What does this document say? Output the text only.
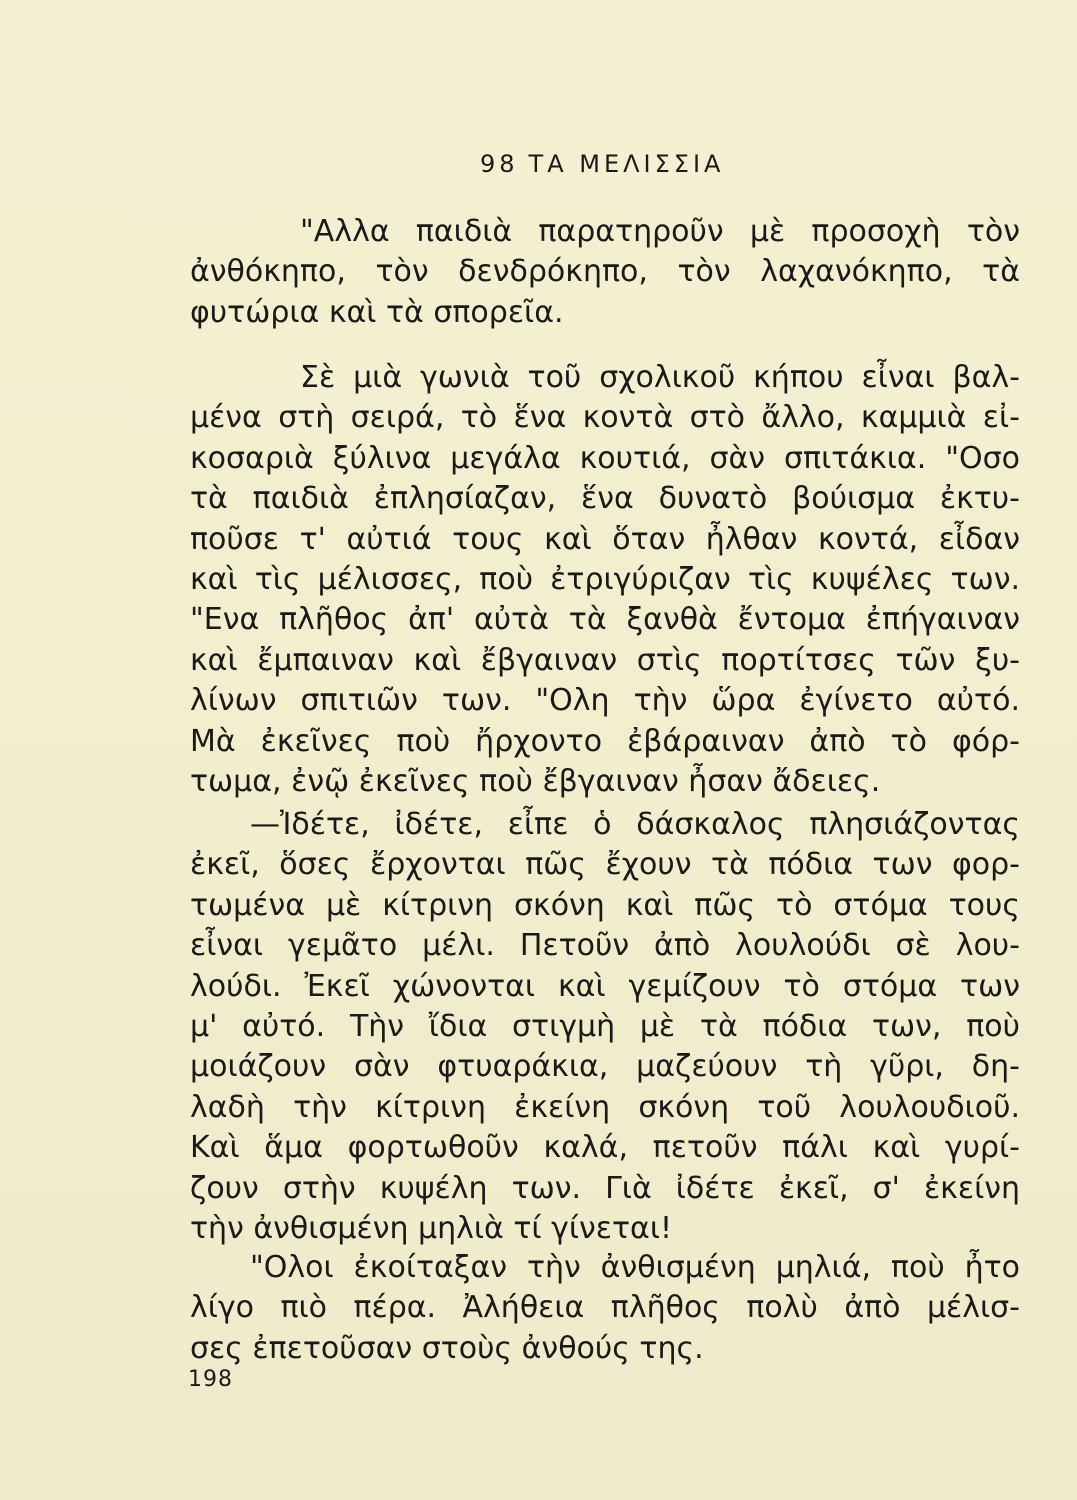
98 ΤΑ ΜΕΛΙΣΣΙΑ

"Αλλα παιδιὰ παρατηροῦν μὲ προσοχὴ τὸν
ἀνθόκηπο, τὸν δενδρόκηπο, τὸν λαχανόκηπο, τὰ
φυτώρια καὶ τὰ σπορεῖα.

Σὲ μιὰ γωνιὰ τοῦ σχολικοῦ κήπου εἶναι βαλ-
μένα στὴ σειρά, τὸ ἕνα κοντὰ στὸ ἄλλο, καμμιὰ εἰ-
κοσαριὰ ξύλινα μεγάλα κουτιά, σὰν σπιτάκια. "Οσο
τὰ παιδιὰ ἐπλησίαζαν, ἕνα δυνατὸ βούισμα ἐκτυ-
ποῦσε τ' αὐτιά τους καὶ ὅταν ἦλθαν κοντά, εἶδαν
καὶ τὶς μέλισσες, ποὺ ἐτριγύριζαν τὶς κυψέλες των.
"Ενα πλῆθος ἀπ' αὐτὰ τὰ ξανθὰ ἔντομα ἐπήγαιναν
καὶ ἔμπαιναν καὶ ἔβγαιναν στὶς πορτίτσες τῶν ξυ-
λίνων σπιτιῶν των. "Ολη τὴν ὥρα ἐγίνετο αὐτό.
Μὰ ἐκεῖνες ποὺ ἤρχοντο ἐβάραιναν ἀπὸ τὸ φόρ-
τωμα, ἐνῷ ἐκεῖνες ποὺ ἔβγαιναν ἦσαν ἄδειες.

—Ἰδέτε, ἰδέτε, εἶπε ὁ δάσκαλος πλησιάζοντας
ἐκεῖ, ὅσες ἔρχονται πῶς ἔχουν τὰ πόδια των φορ-
τωμένα μὲ κίτρινη σκόνη καὶ πῶς τὸ στόμα τους
εἶναι γεμᾶτο μέλι. Πετοῦν ἀπὸ λουλούδι σὲ λου-
λούδι. Ἐκεῖ χώνονται καὶ γεμίζουν τὸ στόμα των
μ' αὐτό. Τὴν ἴδια στιγμὴ μὲ τὰ πόδια των, ποὺ
μοιάζουν σὰν φτυαράκια, μαζεύουν τὴ γῦρι, δη-
λαδὴ τὴν κίτρινη ἐκείνη σκόνη τοῦ λουλουδιοῦ.
Καὶ ἅμα φορτωθοῦν καλά, πετοῦν πάλι καὶ γυρί-
ζουν στὴν κυψέλη των. Γιὰ ἰδέτε ἐκεῖ, σ' ἐκείνη
τὴν ἀνθισμένη μηλιὰ τί γίνεται!

"Ολοι ἐκοίταξαν τὴν ἀνθισμένη μηλιά, ποὺ ἦτο
λίγο πιὸ πέρα. Ἀλήθεια πλῆθος πολὺ ἀπὸ μέλισ-
σες ἐπετοῦσαν στοὺς ἀνθούς της.

198
